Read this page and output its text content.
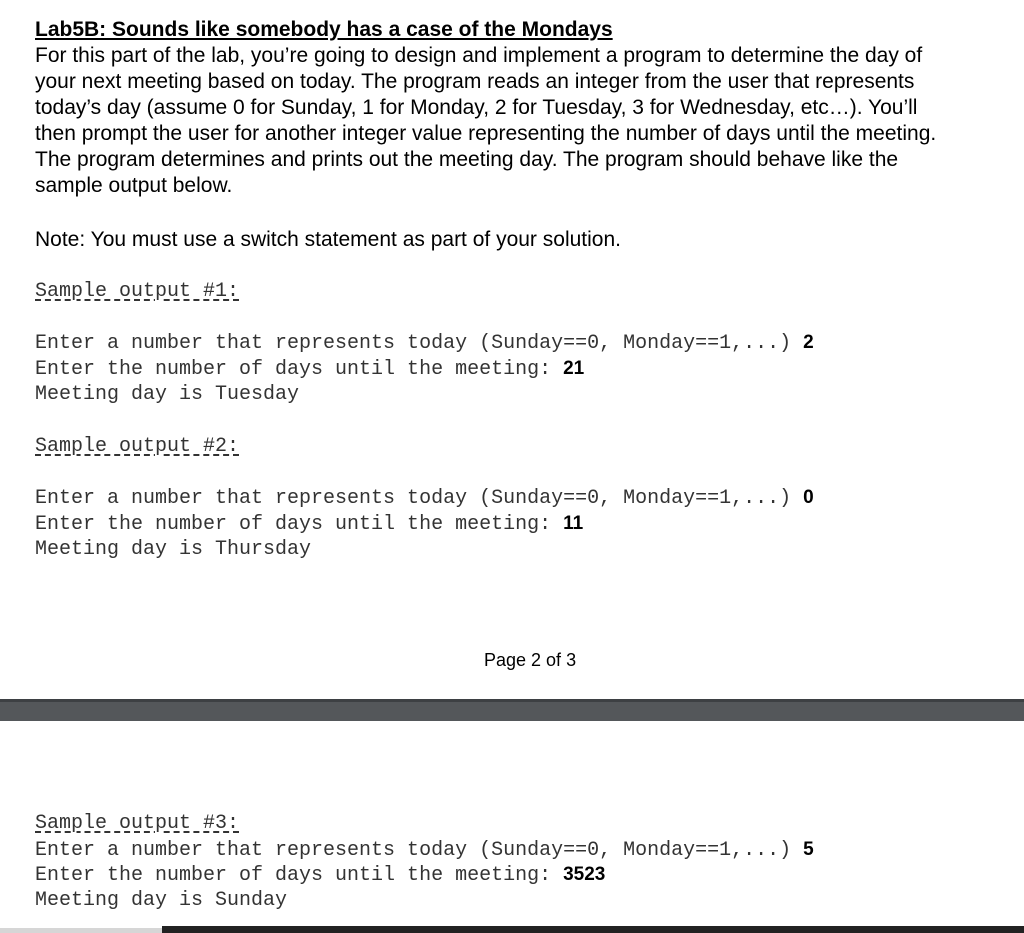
Lab5B: Sounds like somebody has a case of the Mondays

For this part of the lab, you’re going to design and implement a program to determine the day of
your next meeting based on today. The program reads an integer from the user that represents
today’s day (assume 0 for Sunday, 1 for Monday, 2 for Tuesday, 3 for Wednesday, etc…). You’ll
then prompt the user for another integer value representing the number of days until the meeting.
The program determines and prints out the meeting day. The program should behave like the
sample output below.

Note: You must use a switch statement as part of your solution.
Sample output #1:
Enter a number that represents today (Sunday==0, Monday==1,...) 2
Enter the number of days until the meeting: 21
Meeting day is Tuesday
Sample output #2:
Enter a number that represents today (Sunday==0, Monday==1,...) 0
Enter the number of days until the meeting: 11
Meeting day is Thursday
Page 2 of 3
Sample output #3:
Enter a number that represents today (Sunday==0, Monday==1,...) 5
Enter the number of days until the meeting: 3523
Meeting day is Sunday
